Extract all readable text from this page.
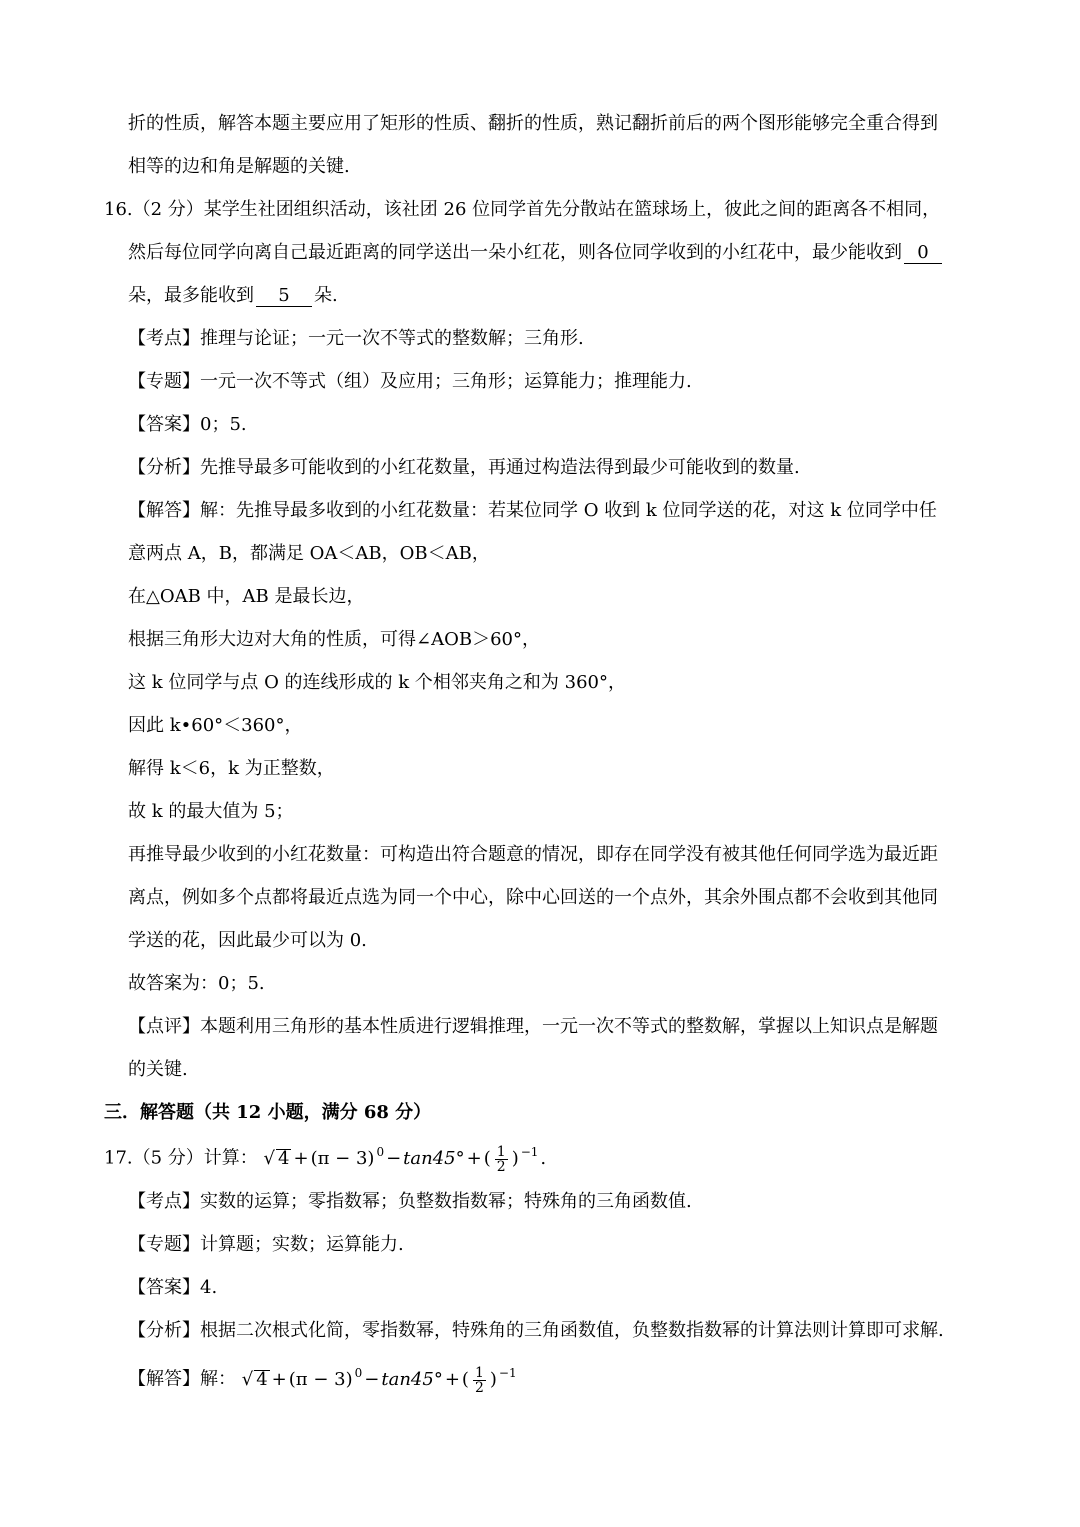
折的性质，解答本题主要应用了矩形的性质、翻折的性质，熟记翻折前后的两个图形能够完全重合得到
相等的边和角是解题的关键.
16.（2 分）某学生社团组织活动，该社团 26 位同学首先分散站在篮球场上，彼此之间的距离各不相同，
然后每位同学向离自己最近距离的同学送出一朵小红花，则各位同学收到的小红花中，最少能收到 0
朵，最多能收到 5 朵.
【考点】推理与论证；一元一次不等式的整数解；三角形.
【专题】一元一次不等式（组）及应用；三角形；运算能力；推理能力.
【答案】0；5.
【分析】先推导最多可能收到的小红花数量，再通过构造法得到最少可能收到的数量.
【解答】解：先推导最多收到的小红花数量：若某位同学 O 收到 k 位同学送的花，对这 k 位同学中任
意两点 A，B，都满足 OA＜AB，OB＜AB，
在△OAB 中，AB 是最长边，
根据三角形大边对大角的性质，可得∠AOB＞60°，
这 k 位同学与点 O 的连线形成的 k 个相邻夹角之和为 360°，
因此 k•60°＜360°，
解得 k＜6，k 为正整数，
故 k 的最大值为 5；
再推导最少收到的小红花数量：可构造出符合题意的情况，即存在同学没有被其他任何同学选为最近距
离点，例如多个点都将最近点选为同一个中心，除中心回送的一个点外，其余外围点都不会收到其他同
学送的花，因此最少可以为 0.
故答案为：0；5.
【点评】本题利用三角形的基本性质进行逻辑推理，一元一次不等式的整数解，掌握以上知识点是解题
的关键.
三．解答题（共 12 小题，满分 68 分）
17.（5 分）计算： √ 4 + (π − 3) 0 − tan45° + ( $\frac{1}{2}$ ) −1 .
【考点】实数的运算；零指数幂；负整数指数幂；特殊角的三角函数值.
【专题】计算题；实数；运算能力.
【答案】4.
【分析】根据二次根式化简，零指数幂，特殊角的三角函数值，负整数指数幂的计算法则计算即可求解.
【解答】解： √ 4 + (π − 3) 0 − tan45° + ( $\frac{1}{2}$ ) −1
